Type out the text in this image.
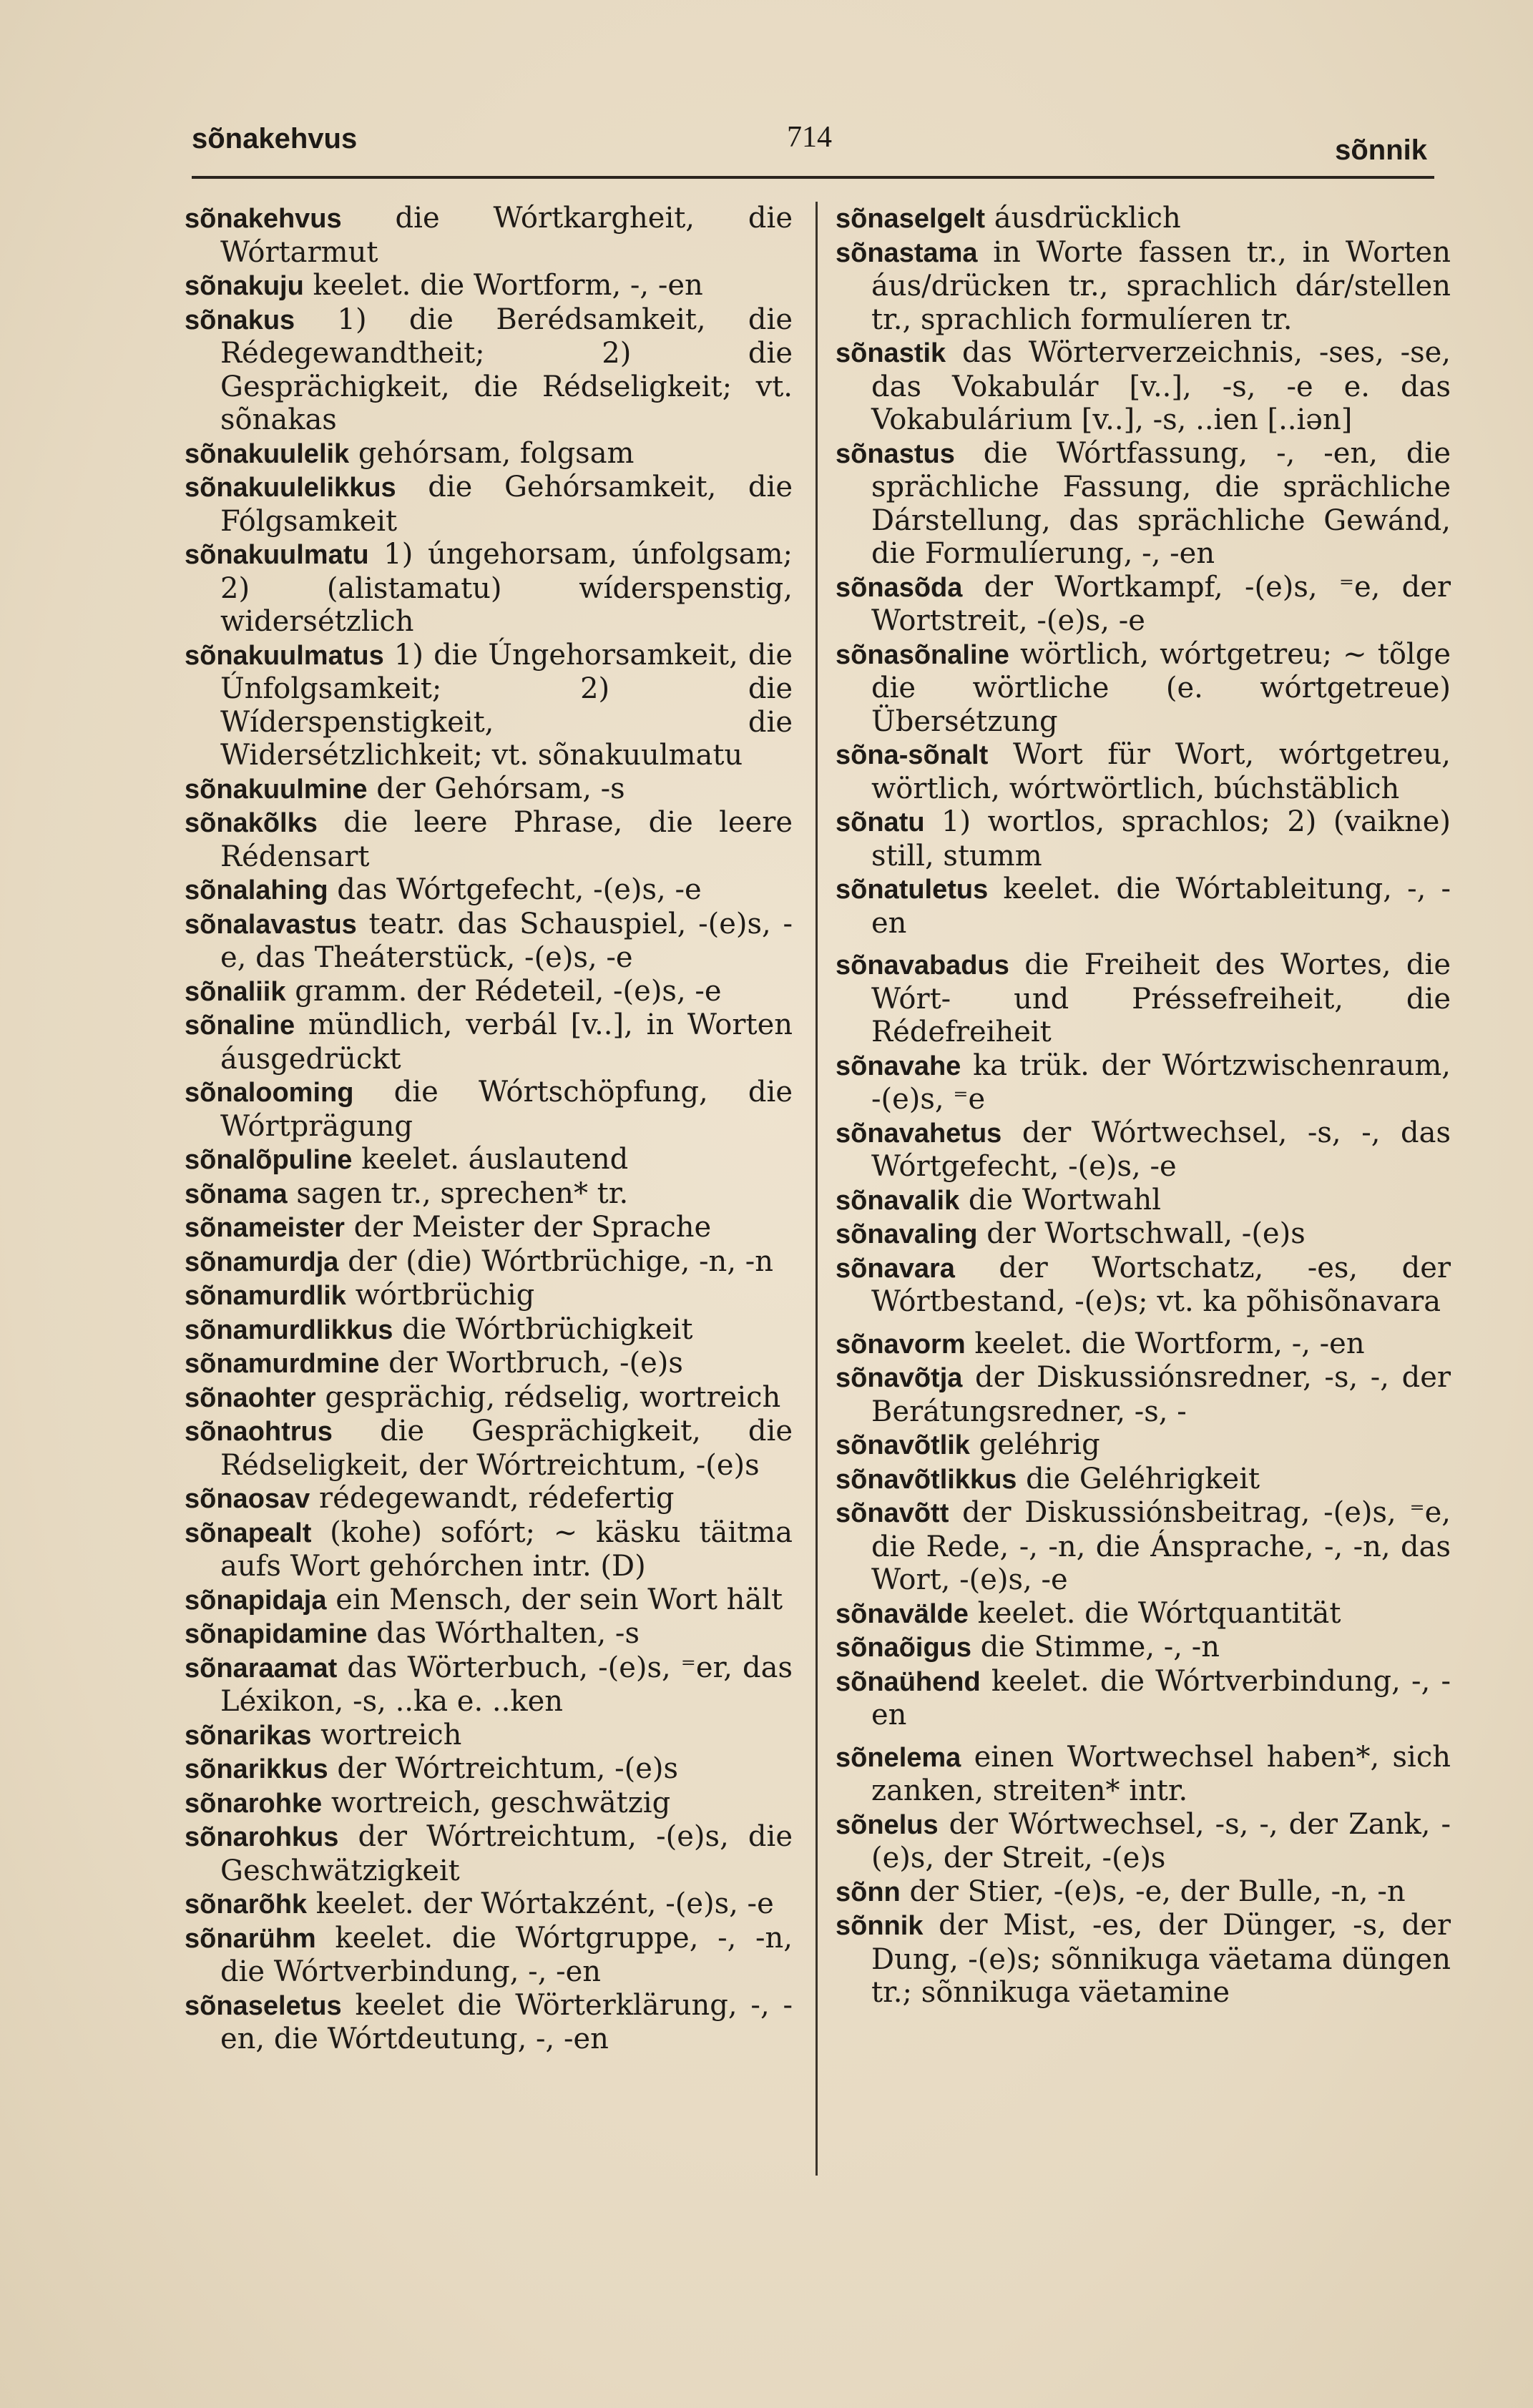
sõnakehvus	714	sõnnik

sõnakehvus die Wórtkargheit, die Wórtarmut

sõnakuju keelet. die Wortform, -, -en

sõnakus 1) die Berédsamkeit, die Rédegewandtheit; 2) die Gesprächigkeit, die Rédseligkeit; vt. sõnakas

sõnakuulelik gehórsam, folgsam

sõnakuulelikkus die Gehórsamkeit, die Fólgsamkeit

sõnakuulmatu 1) úngehorsam, únfolgsam; 2) (alistamatu) wíderspenstig, widersétzlich

sõnakuulmatus 1) die Úngehorsamkeit, die Únfolgsamkeit; 2) die Wíderspenstigkeit, die Widersétzlichkeit; vt. sõnakuulmatu

sõnakuulmine der Gehórsam, -s

sõnakõlks die leere Phrase, die leere Rédensart

sõnalahing das Wórtgefecht, -(e)s, -e

sõnalavastus teatr. das Schauspiel, -(e)s, -e, das Theáterstück, -(e)s, -e

sõnaliik gramm. der Rédeteil, -(e)s, -e

sõnaline mündlich, verbál [v..], in Worten áusgedrückt

sõnalooming die Wórtschöpfung, die Wórtprägung

sõnalõpuline keelet. áuslautend

sõnama sagen tr., sprechen* tr.

sõnameister der Meister der Sprache

sõnamurdja der (die) Wórtbrüchige, -n, -n

sõnamurdlik wórtbrüchig

sõnamurdlikkus die Wórtbrüchigkeit

sõnamurdmine der Wortbruch, -(e)s

sõnaohter gesprächig, rédselig, wortreich

sõnaohtrus die Gesprächigkeit, die Rédseligkeit, der Wórtreichtum, -(e)s

sõnaosav rédegewandt, rédefertig

sõnapealt (kohe) sofórt; ~ käsku täitma aufs Wort gehórchen intr. (D)

sõnapidaja ein Mensch, der sein Wort hält

sõnapidamine das Wórthalten, -s

sõnaraamat das Wörterbuch, -(e)s, ⁼er, das Léxikon, -s, ..ka e. ..ken

sõnarikas wortreich

sõnarikkus der Wórtreichtum, -(e)s

sõnarohke wortreich, geschwätzig

sõnarohkus der Wórtreichtum, -(e)s, die Geschwätzigkeit

sõnarõhk keelet. der Wórtakzént, -(e)s, -e

sõnarühm keelet. die Wórtgruppe, -, -n, die Wórtverbindung, -, -en

sõnaseletus keelet die Wörterklärung, -, -en, die Wórtdeutung, -, -en

sõnaselgelt áusdrücklich

sõnastama in Worte fassen tr., in Worten áus/drücken tr., sprachlich dár/stellen tr., sprachlich formulíeren tr.

sõnastik das Wörterverzeichnis, -ses, -se, das Vokabulár [v..], -s, -e e. das Vokabulárium [v..], -s, ..ien [..iən]

sõnastus die Wórtfassung, -, -en, die sprächliche Fassung, die sprächliche Dárstellung, das sprächliche Gewánd, die Formulíerung, -, -en

sõnasõda der Wortkampf, -(e)s, ⁼e, der Wortstreit, -(e)s, -e

sõnasõnaline wörtlich, wórtgetreu; ~ tõlge die wörtliche (e. wórtgetreue) Übersétzung

sõna-sõnalt Wort für Wort, wórtgetreu, wörtlich, wórtwörtlich, búchstäblich

sõnatu 1) wortlos, sprachlos; 2) (vaikne) still, stumm

sõnatuletus keelet. die Wórtableitung, -, -en

sõnavabadus die Freiheit des Wortes, die Wórt- und Préssefreiheit, die Rédefreiheit

sõnavahe ka trük. der Wórtzwischenraum, -(e)s, ⁼e

sõnavahetus der Wórtwechsel, -s, -, das Wórtgefecht, -(e)s, -e

sõnavalik die Wortwahl

sõnavaling der Wortschwall, -(e)s

sõnavara der Wortschatz, -es, der Wórtbestand, -(e)s; vt. ka põhisõnavara

sõnavorm keelet. die Wortform, -, -en

sõnavõtja der Diskussiónsredner, -s, -, der Berátungsredner, -s, -

sõnavõtlik geléhrig

sõnavõtlikkus die Geléhrigkeit

sõnavõtt der Diskussiónsbeitrag, -(e)s, ⁼e, die Rede, -, -n, die Ánsprache, -, -n, das Wort, -(e)s, -e

sõnavälde keelet. die Wórtquantität

sõnaõigus die Stimme, -, -n

sõnaühend keelet. die Wórtverbindung, -, -en

sõnelema einen Wortwechsel haben*, sich zanken, streiten* intr.

sõnelus der Wórtwechsel, -s, -, der Zank, -(e)s, der Streit, -(e)s

sõnn der Stier, -(e)s, -e, der Bulle, -n, -n

sõnnik der Mist, -es, der Dünger, -s, der Dung, -(e)s; sõnnikuga väetama düngen tr.; sõnnikuga väetamine
